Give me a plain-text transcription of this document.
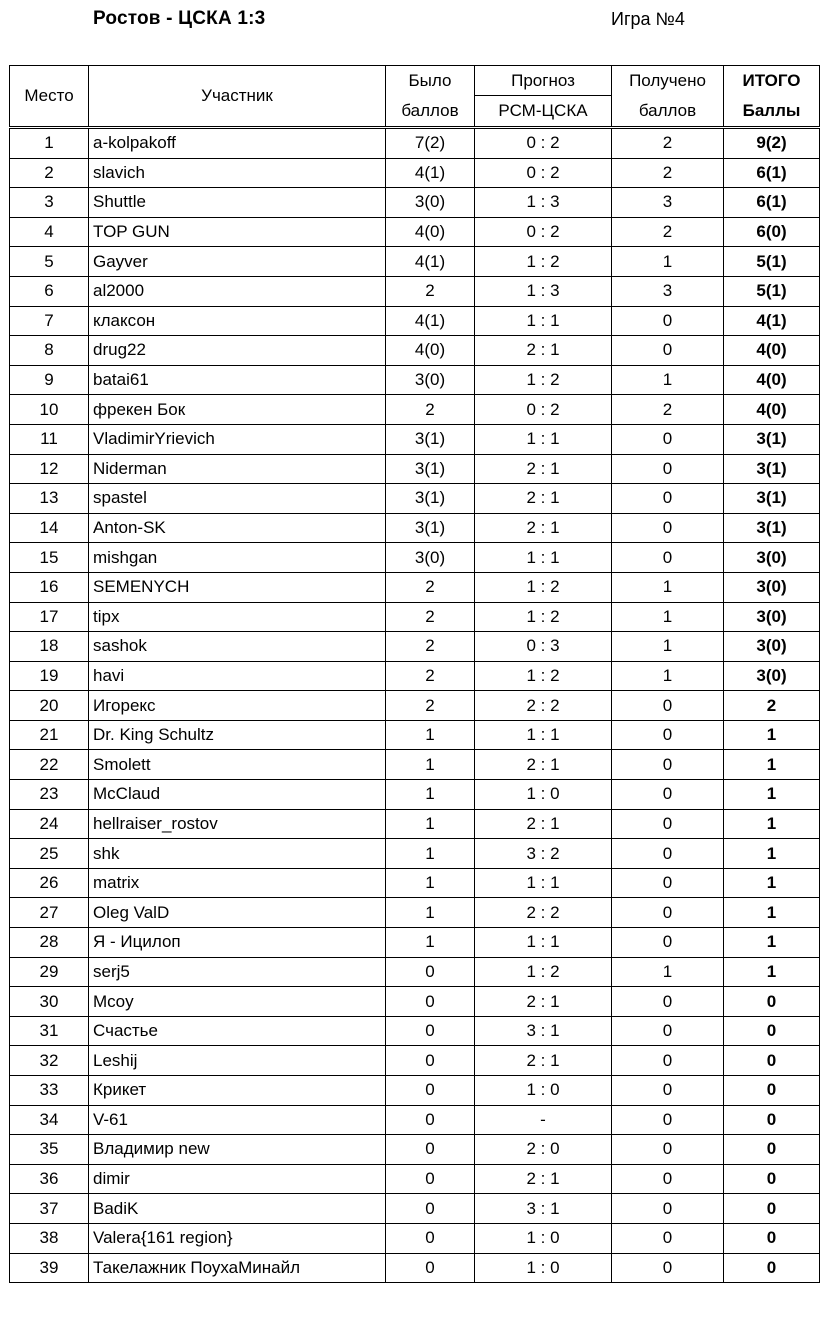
Ростов - ЦСКА 1:3	Игра №4
Место	Участник	Было	Прогноз	Получено	ИТОГО
		баллов	РСМ-ЦСКА	баллов	Баллы
1	a-kolpakoff	7(2)	0 : 2	2	9(2)
2	slavich	4(1)	0 : 2	2	6(1)
3	Shuttle	3(0)	1 : 3	3	6(1)
4	TOP GUN	4(0)	0 : 2	2	6(0)
5	Gayver	4(1)	1 : 2	1	5(1)
6	al2000	2	1 : 3	3	5(1)
7	клаксон	4(1)	1 : 1	0	4(1)
8	drug22	4(0)	2 : 1	0	4(0)
9	batai61	3(0)	1 : 2	1	4(0)
10	фрекен Бок	2	0 : 2	2	4(0)
11	VladimirYrievich	3(1)	1 : 1	0	3(1)
12	Niderman	3(1)	2 : 1	0	3(1)
13	spastel	3(1)	2 : 1	0	3(1)
14	Anton-SK	3(1)	2 : 1	0	3(1)
15	mishgan	3(0)	1 : 1	0	3(0)
16	SEMENYCH	2	1 : 2	1	3(0)
17	tipx	2	1 : 2	1	3(0)
18	sashok	2	0 : 3	1	3(0)
19	havi	2	1 : 2	1	3(0)
20	Игорекс	2	2 : 2	0	2
21	Dr. King Schultz	1	1 : 1	0	1
22	Smolett	1	2 : 1	0	1
23	McClaud	1	1 : 0	0	1
24	hellraiser_rostov	1	2 : 1	0	1
25	shk	1	3 : 2	0	1
26	matrix	1	1 : 1	0	1
27	Oleg ValD	1	2 : 2	0	1
28	Я - Ицилоп	1	1 : 1	0	1
29	serj5	0	1 : 2	1	1
30	Mcoy	0	2 : 1	0	0
31	Счастье	0	3 : 1	0	0
32	Leshij	0	2 : 1	0	0
33	Крикет	0	1 : 0	0	0
34	V-61	0	-	0	0
35	Владимир new	0	2 : 0	0	0
36	dimir	0	2 : 1	0	0
37	BadiK	0	3 : 1	0	0
38	Valera{161 region}	0	1 : 0	0	0
39	Такелажник ПоухаМинайл	0	1 : 0	0	0
